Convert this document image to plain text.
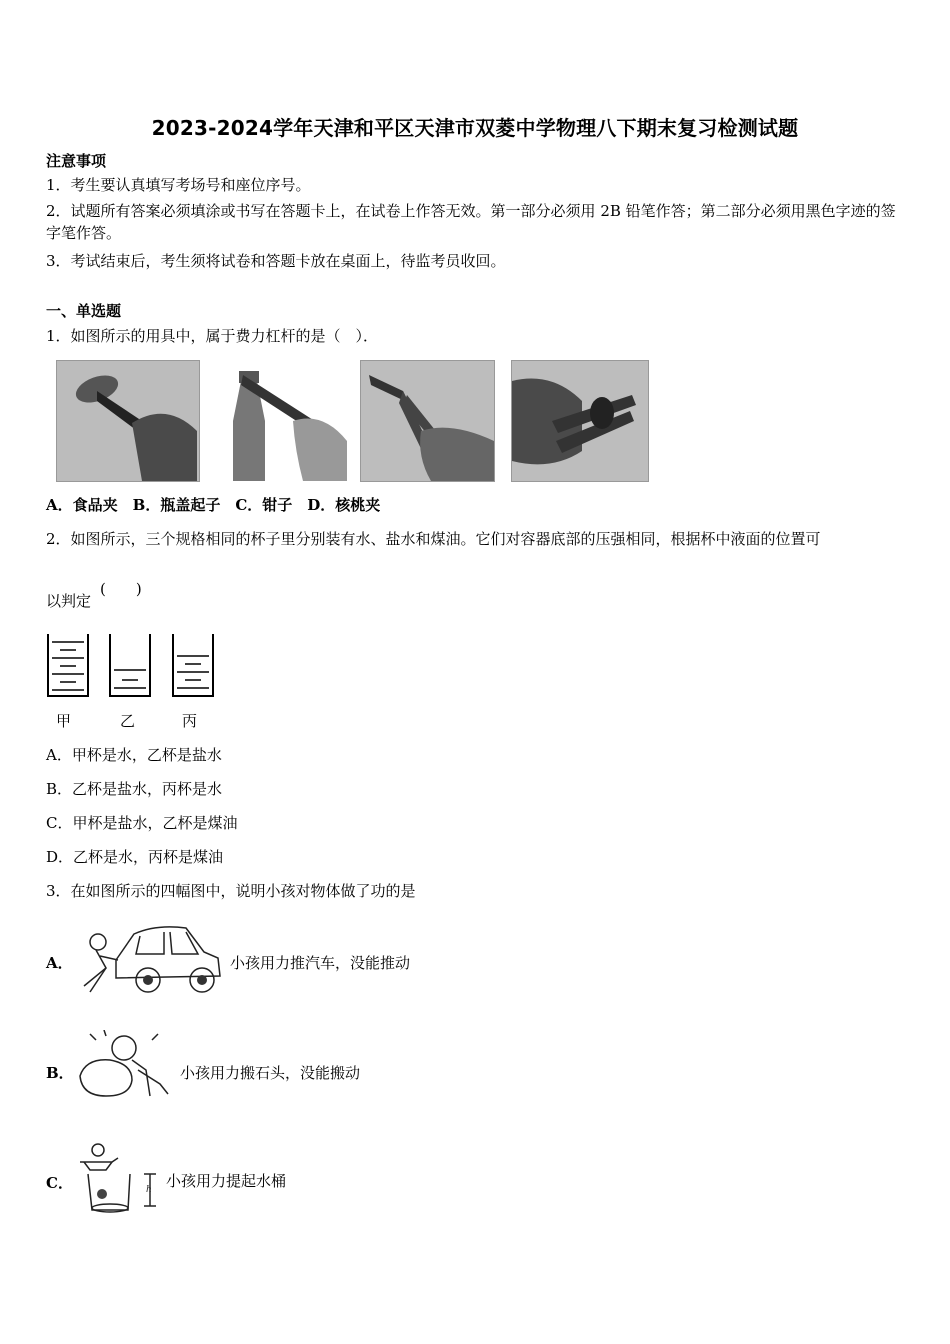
2023-2024学年天津和平区天津市双菱中学物理八下期末复习检测试题
注意事项
1．考生要认真填写考场号和座位序号。
2．试题所有答案必须填涂或书写在答题卡上，在试卷上作答无效。第一部分必须用 2B 铅笔作答；第二部分必须用黑色字迹的签字笔作答。
3．考试结束后，考生须将试卷和答题卡放在桌面上，待监考员收回。
一、单选题
1．如图所示的用具中，属于费力杠杆的是（　）．
A．食品夹　B．瓶盖起子　C．钳子　D．核桃夹
2．如图所示，三个规格相同的杯子里分别装有水、盐水和煤油。它们对容器底部的压强相同，根据杯中液面的位置可
以判定
(　　)
甲	乙	丙
A．甲杯是水，乙杯是盐水
B．乙杯是盐水，丙杯是水
C．甲杯是盐水，乙杯是煤油
D．乙杯是水，丙杯是煤油
3．在如图所示的四幅图中，说明小孩对物体做了功的是
A．	小孩用力推汽车，没能推动
B．	小孩用力搬石头，没能搬动
C．	h 小孩用力提起水桶
